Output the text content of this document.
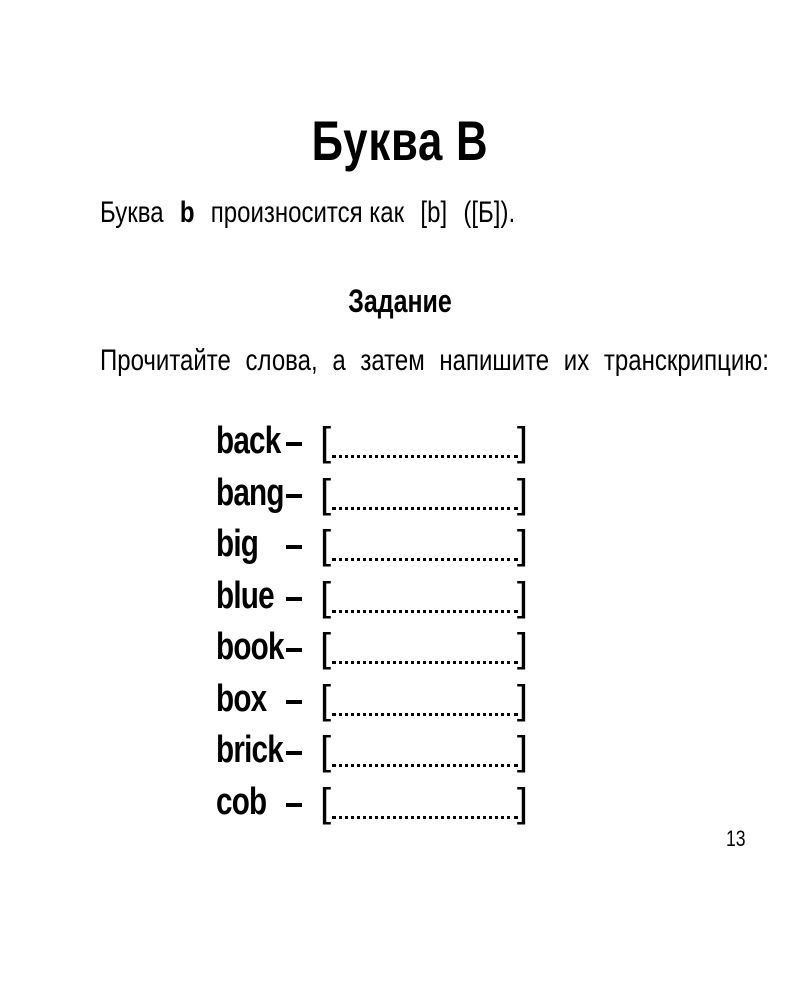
Буква B
Буква b произносится как [b] ([Б]).
Задание
Прочитайте слова, а затем напишите их транскрипцию:
back [	]
bang [	]
big [	]
blue [	]
book [	]
box [	]
brick [	]
cob [	]
13
